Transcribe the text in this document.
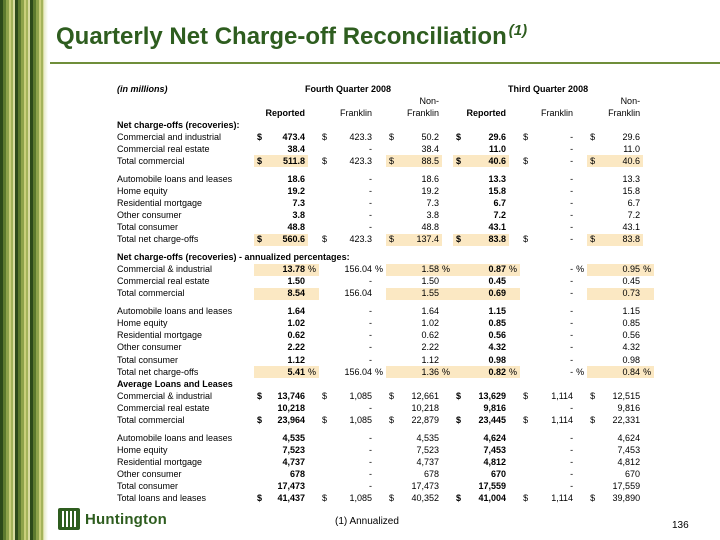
Quarterly Net Charge-off Reconciliation $^{(1)}$
(in millions)	Fourth Quarter 2008									Third Quarter 2008								
							Non-									Non-		
	Reported			Franklin			Franklin			Reported			Franklin			Franklin		
Net charge-offs (recoveries):																		
Commercial and industrial	$	473.4		$	423.3		$	50.2		$	29.6		$	-		$	29.6	
Commercial real estate		38.4			-			38.4			11.0			-			11.0	
Total commercial	$	511.8		$	423.3		$	88.5		$	40.6		$	-		$	40.6	

Automobile loans and leases		18.6			-			18.6			13.3			-			13.3	
Home equity		19.2			-			19.2			15.8			-			15.8	
Residential mortgage		7.3			-			7.3			6.7			-			6.7	
Other consumer		3.8			-			3.8			7.2			-			7.2	
Total consumer		48.8			-			48.8			43.1			-			43.1	
Total net charge-offs	$	560.6		$	423.3		$	137.4		$	83.8		$	-		$	83.8	

Net charge-offs (recoveries) - annualized percentages:																		
Commercial & industrial	13.78		%	156.04		%	1.58		%	0.87		%	-		%	0.95		%
Commercial real estate	1.50			-			1.50			0.45			-			0.45		
Total commercial	8.54			156.04			1.55			0.69			-			0.73		

Automobile loans and leases	1.64			-			1.64			1.15			-			1.15		
Home equity	1.02			-			1.02			0.85			-			0.85		
Residential mortgage	0.62			-			0.62			0.56			-			0.56		
Other consumer	2.22			-			2.22			4.32			-			4.32		
Total consumer	1.12			-			1.12			0.98			-			0.98		
Total net charge-offs	5.41		%	156.04		%	1.36		%	0.82		%	-		%	0.84		%
Average Loans and Leases																		
Commercial & industrial	$	13,746		$	1,085		$	12,661		$	13,629		$	1,114		$	12,515	
Commercial real estate		10,218			-			10,218			9,816			-			9,816	
Total commercial	$	23,964		$	1,085		$	22,879		$	23,445		$	1,114		$	22,331	

Automobile loans and leases		4,535			-			4,535			4,624			-			4,624	
Home equity		7,523			-			7,523			7,453			-			7,453	
Residential mortgage		4,737			-			4,737			4,812			-			4,812	
Other consumer		678			-			678			670			-			670	
Total consumer		17,473			-			17,473			17,559			-			17,559	
Total loans and leases	$	41,437		$	1,085		$	40,352		$	41,004		$	1,114		$	39,890	
Huntington	(1) Annualized	136
